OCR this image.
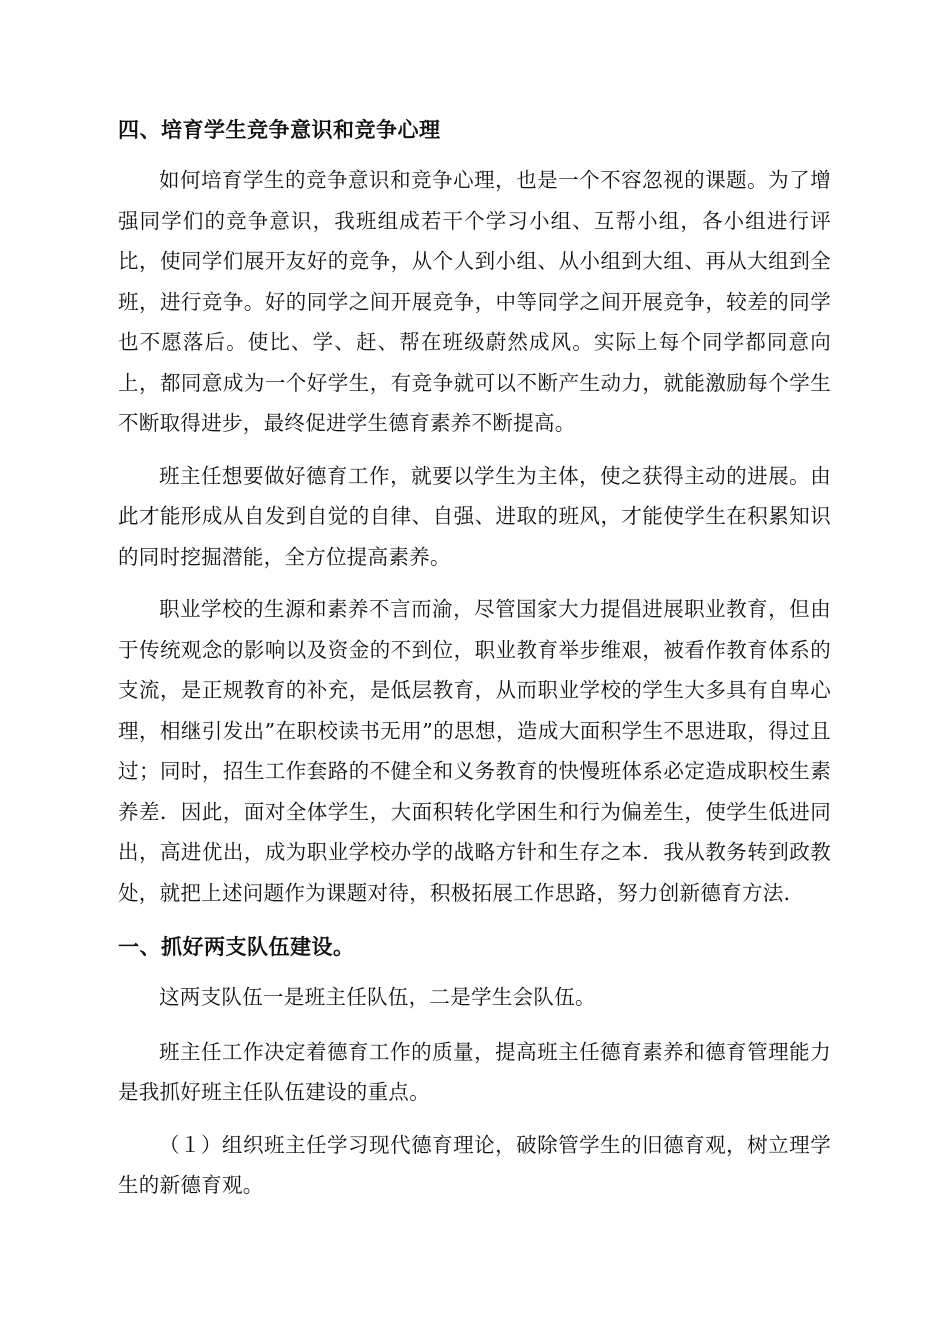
四、培育学生竞争意识和竞争心理

如何培育学生的竞争意识和竞争心理，也是一个不容忽视的课题。为了增强同学们的竞争意识，我班组成若干个学习小组、互帮小组，各小组进行评比，使同学们展开友好的竞争，从个人到小组、从小组到大组、再从大组到全班，进行竞争。好的同学之间开展竞争，中等同学之间开展竞争，较差的同学也不愿落后。使比、学、赶、帮在班级蔚然成风。实际上每个同学都同意向上，都同意成为一个好学生，有竞争就可以不断产生动力，就能激励每个学生不断取得进步，最终促进学生德育素养不断提高。

班主任想要做好德育工作，就要以学生为主体，使之获得主动的进展。由此才能形成从自发到自觉的自律、自强、进取的班风，才能使学生在积累知识的同时挖掘潜能，全方位提高素养。

职业学校的生源和素养不言而渝，尽管国家大力提倡进展职业教育，但由于传统观念的影响以及资金的不到位，职业教育举步维艰，被看作教育体系的支流，是正规教育的补充，是低层教育，从而职业学校的学生大多具有自卑心理，相继引发出”在职校读书无用”的思想，造成大面积学生不思进取，得过且过；同时，招生工作套路的不健全和义务教育的快慢班体系必定造成职校生素养差．因此，面对全体学生，大面积转化学困生和行为偏差生，使学生低进同出，高进优出，成为职业学校办学的战略方针和生存之本．我从教务转到政教处，就把上述问题作为课题对待，积极拓展工作思路，努力创新德育方法．

一、抓好两支队伍建设。

这两支队伍一是班主任队伍，二是学生会队伍。

班主任工作决定着德育工作的质量，提高班主任德育素养和德育管理能力是我抓好班主任队伍建设的重点。

（１）组织班主任学习现代德育理论，破除管学生的旧德育观，树立理学生的新德育观。
